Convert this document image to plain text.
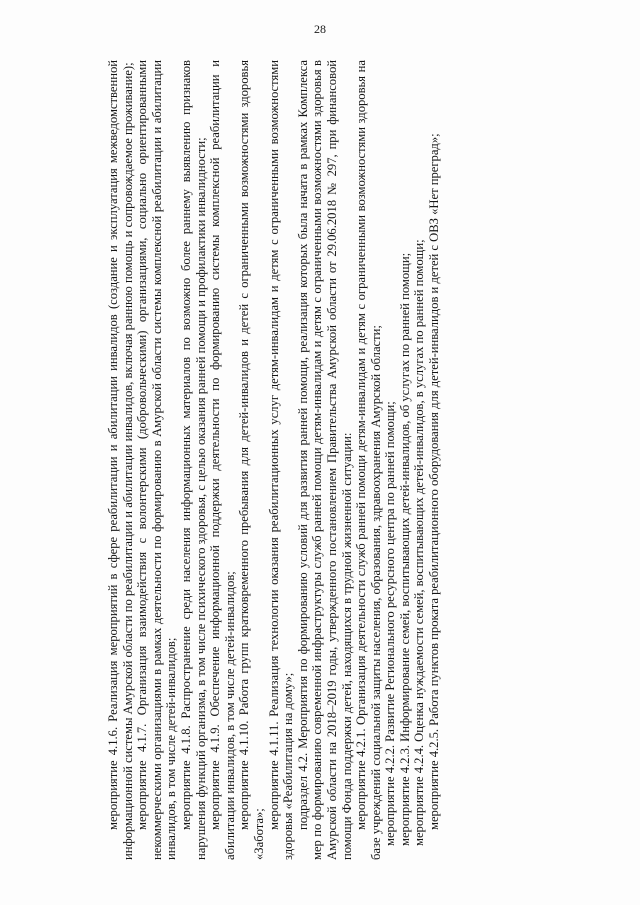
28

мероприятие 4.1.6. Реализация мероприятий в сфере реабилитации и абилитации инвалидов (создание и эксплуатация межведомственной информационной системы Амурской области по реабилитации и абилитации инвалидов, включая раннюю помощь и сопровождаемое проживание); мероприятие 4.1.7. Организация взаимодействия с волонтерскими (добровольческими) организациями, социально ориентированными некоммерческими организациями в рамках деятельности по формированию в Амурской области системы комплексной реабилитации и абилитации инвалидов, в том числе детей-инвалидов; мероприятие 4.1.8. Распространение среди населения информационных материалов по возможно более раннему выявлению признаков нарушения функций организма, в том числе психического здоровья, с целью оказания ранней помощи и профилактики инвалидности; мероприятие 4.1.9. Обеспечение информационной поддержки деятельности по формированию системы комплексной реабилитации и абилитации инвалидов, в том числе детей-инвалидов; мероприятие 4.1.10. Работа групп кратковременного пребывания для детей-инвалидов и детей с ограниченными возможностями здоровья «Забота»;

мероприятие 4.1.11. Реализация технологии оказания реабилитационных услуг детям-инвалидам и детям с ограниченными возможностями здоровья «Реабилитация на дому»; подраздел 4.2. Мероприятия по формированию условий для развития ранней помощи, реализация которых была начата в рамках Комплекса мер по формированию современной инфраструктуры служб ранней помощи детям-инвалидам и детям с ограниченными возможностями здоровья в Амурской области на 2018–2019 годы, утвержденного постановлением Правительства Амурской области от 29.06.2018 № 297, при финансовой помощи Фонда поддержки детей, находящихся в трудной жизненной ситуации: мероприятие 4.2.1. Организация деятельности служб ранней помощи детям-инвалидам и детям с ограниченными возможностями здоровья на базе учреждений социальной защиты населения, образования, здравоохранения Амурской области; мероприятие 4.2.2. Развитие Регионального ресурсного центра по ранней помощи; мероприятие 4.2.3. Информирование семей, воспитывающих детей-инвалидов, об услугах по ранней помощи; мероприятие 4.2.4. Оценка нуждаемости семей, воспитывающих детей-инвалидов, в услугах по ранней помощи; мероприятие 4.2.5. Работа пунктов проката реабилитационного оборудования для детей-инвалидов и детей с ОВЗ «Нет преград»;
